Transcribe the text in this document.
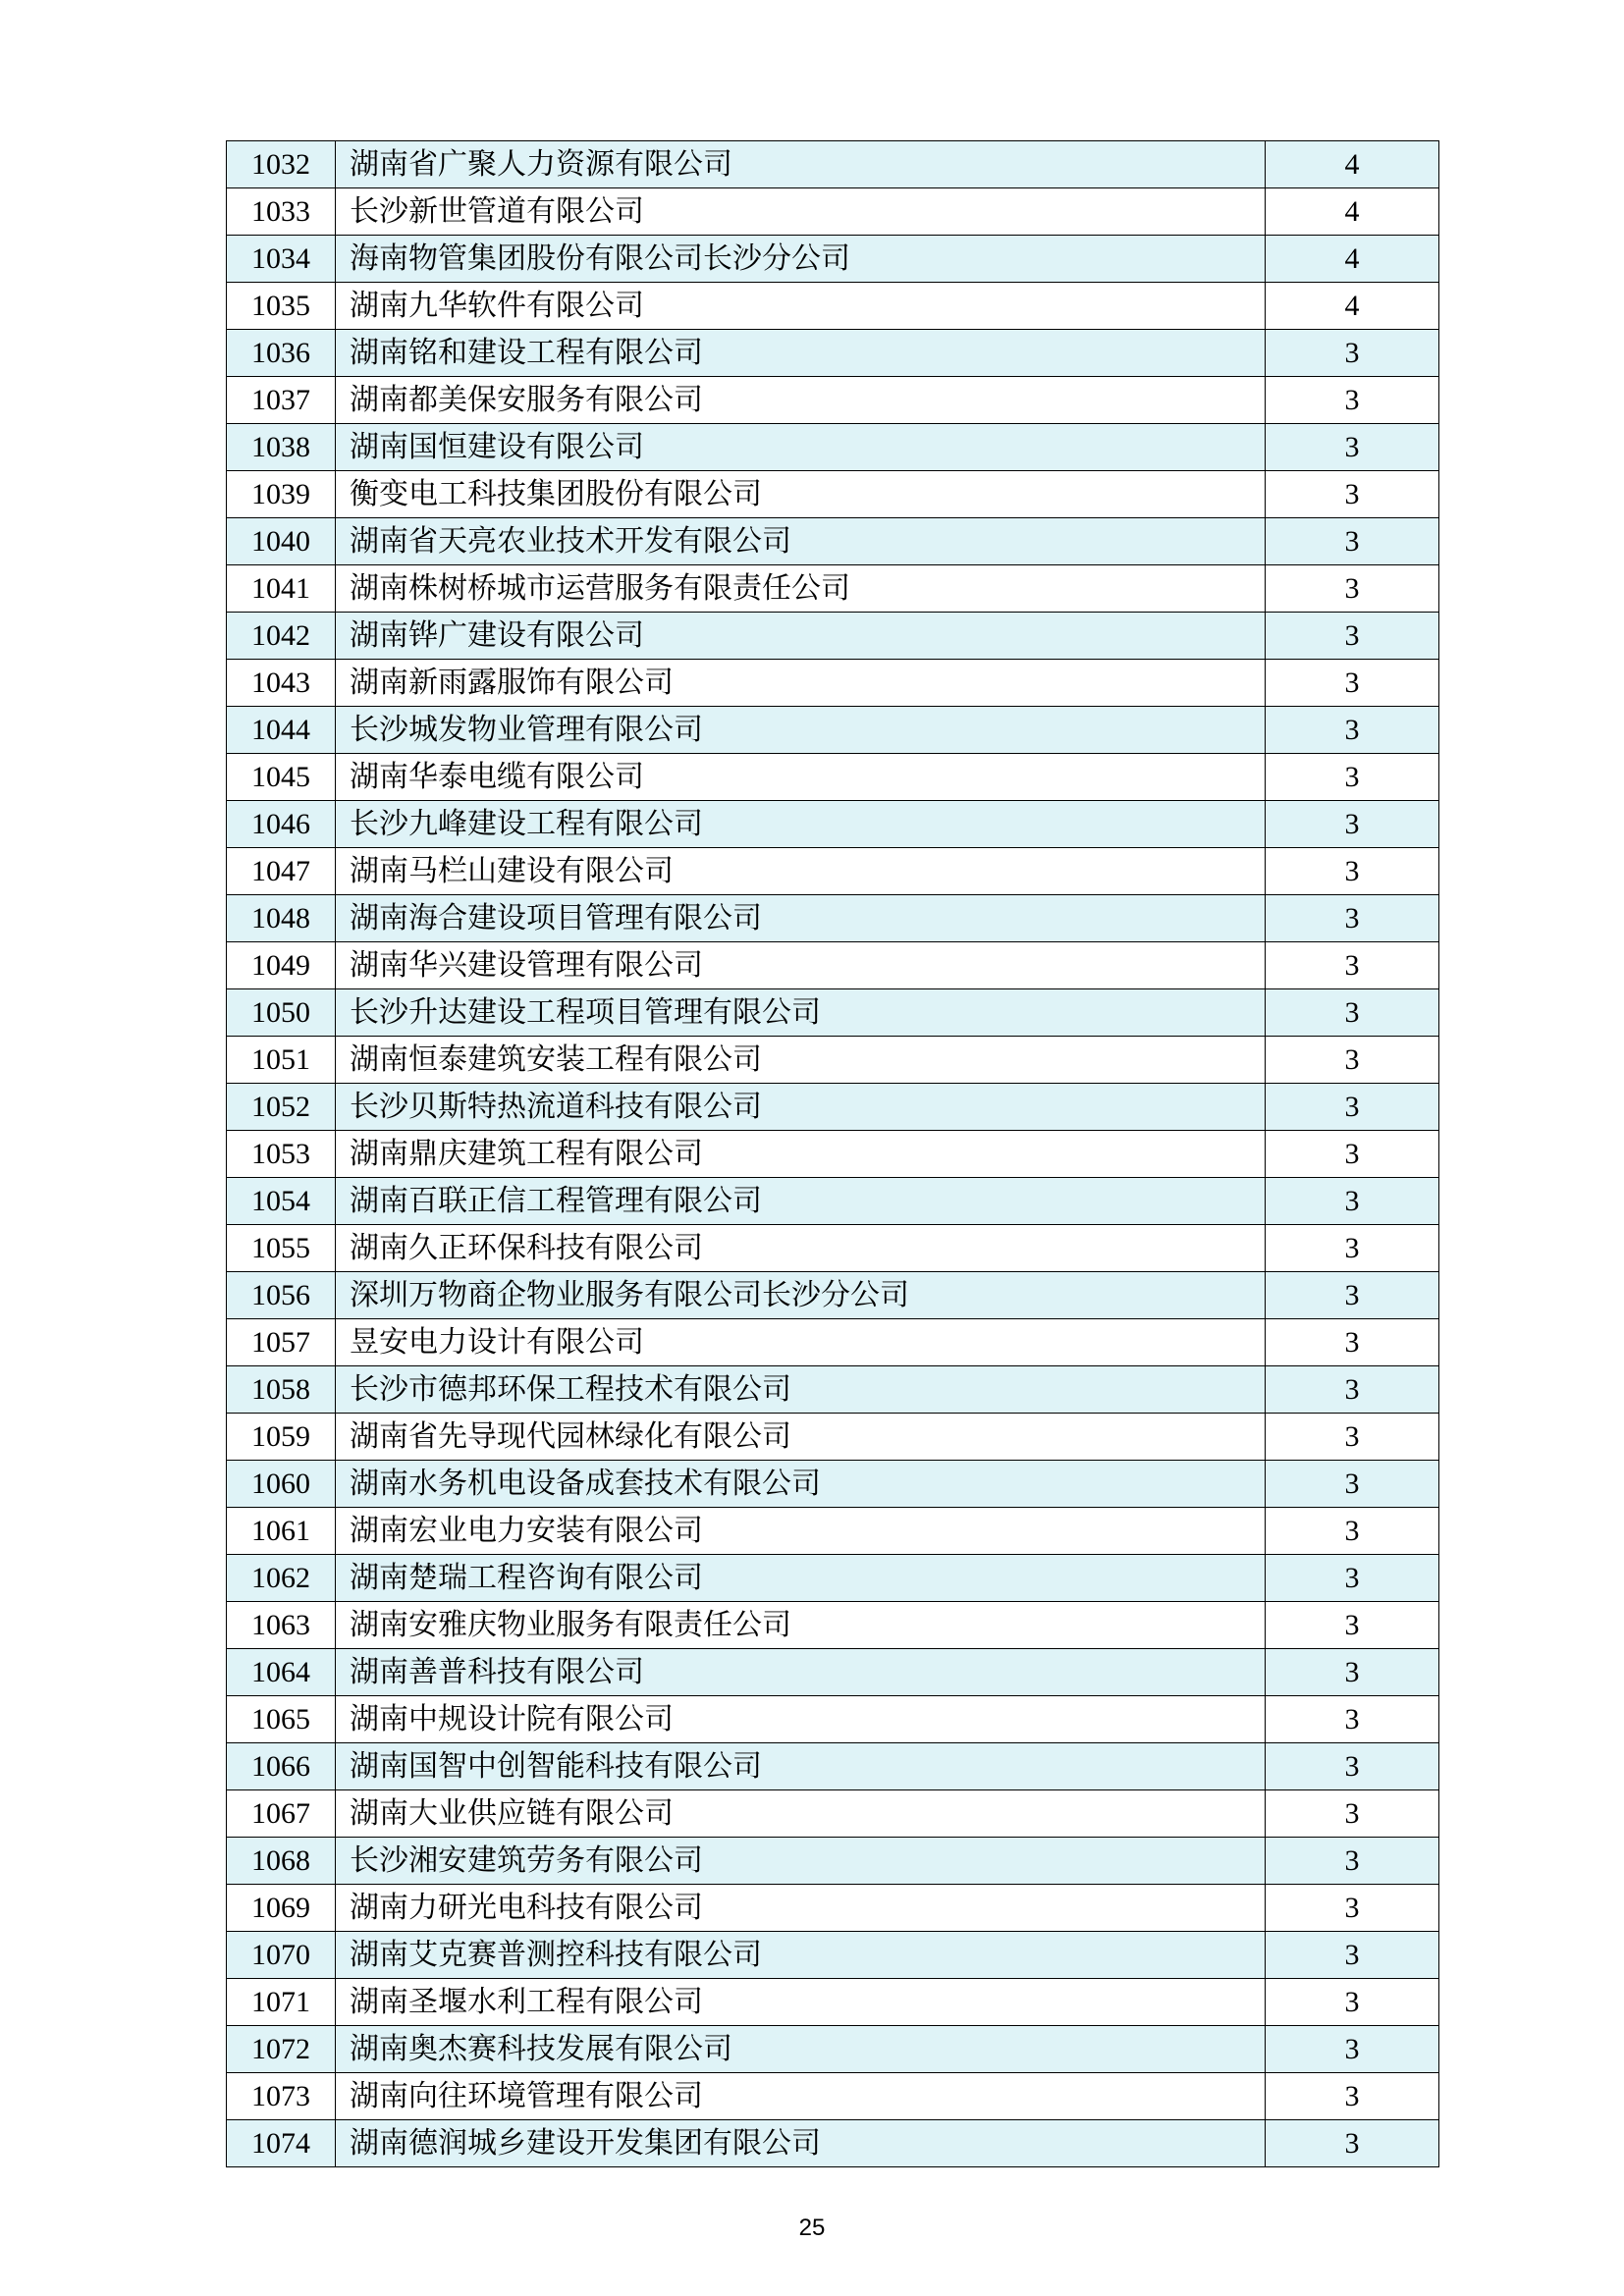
1032	湖南省广聚人力资源有限公司	4
1033	长沙新世管道有限公司	4
1034	海南物管集团股份有限公司长沙分公司	4
1035	湖南九华软件有限公司	4
1036	湖南铭和建设工程有限公司	3
1037	湖南都美保安服务有限公司	3
1038	湖南国恒建设有限公司	3
1039	衡变电工科技集团股份有限公司	3
1040	湖南省天亮农业技术开发有限公司	3
1041	湖南株树桥城市运营服务有限责任公司	3
1042	湖南铧广建设有限公司	3
1043	湖南新雨露服饰有限公司	3
1044	长沙城发物业管理有限公司	3
1045	湖南华泰电缆有限公司	3
1046	长沙九峰建设工程有限公司	3
1047	湖南马栏山建设有限公司	3
1048	湖南海合建设项目管理有限公司	3
1049	湖南华兴建设管理有限公司	3
1050	长沙升达建设工程项目管理有限公司	3
1051	湖南恒泰建筑安装工程有限公司	3
1052	长沙贝斯特热流道科技有限公司	3
1053	湖南鼎庆建筑工程有限公司	3
1054	湖南百联正信工程管理有限公司	3
1055	湖南久正环保科技有限公司	3
1056	深圳万物商企物业服务有限公司长沙分公司	3
1057	昱安电力设计有限公司	3
1058	长沙市德邦环保工程技术有限公司	3
1059	湖南省先导现代园林绿化有限公司	3
1060	湖南水务机电设备成套技术有限公司	3
1061	湖南宏业电力安装有限公司	3
1062	湖南楚瑞工程咨询有限公司	3
1063	湖南安雅庆物业服务有限责任公司	3
1064	湖南善普科技有限公司	3
1065	湖南中规设计院有限公司	3
1066	湖南国智中创智能科技有限公司	3
1067	湖南大业供应链有限公司	3
1068	长沙湘安建筑劳务有限公司	3
1069	湖南力研光电科技有限公司	3
1070	湖南艾克赛普测控科技有限公司	3
1071	湖南圣堰水利工程有限公司	3
1072	湖南奥杰赛科技发展有限公司	3
1073	湖南向往环境管理有限公司	3
1074	湖南德润城乡建设开发集团有限公司	3
25
